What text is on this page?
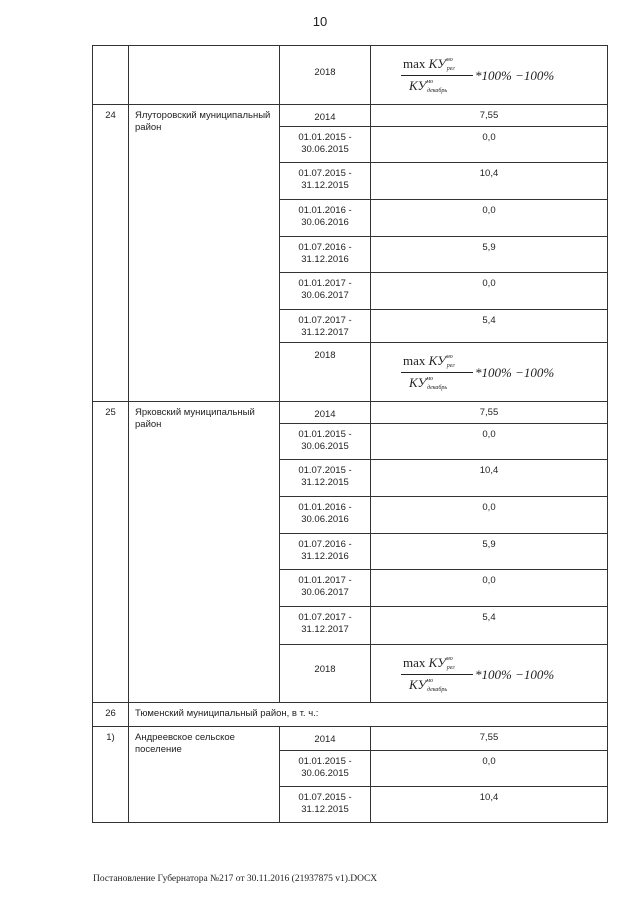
10
		2018	$\max КУ^{мо}рег$
$КУ^{мо}декабрь$
*100% −100%

24	Ялуторовский муниципальный район	2014	7,55
		01.01.2015 - 30.06.2015	0,0
		01.07.2015 - 31.12.2015	10,4
		01.01.2016 - 30.06.2016	0,0
		01.07.2016 - 31.12.2016	5,9
		01.01.2017 - 30.06.2017	0,0
		01.07.2017 - 31.12.2017	5,4
		2018	$\max КУ^{мо}рег$
$КУ^{мо}декабрь$
*100% −100%

25	Ярковский муниципальный район	2014	7,55
		01.01.2015 - 30.06.2015	0,0
		01.07.2015 - 31.12.2015	10,4
		01.01.2016 - 30.06.2016	0,0
		01.07.2016 - 31.12.2016	5,9
		01.01.2017 - 30.06.2017	0,0
		01.07.2017 - 31.12.2017	5,4
		2018	$\max КУ^{мо}рег$
$КУ^{мо}декабрь$
*100% −100%

26	Тюменский муниципальный район, в т. ч.:		
1)	Андреевское сельское поселение	2014	7,55
		01.01.2015 - 30.06.2015	0,0
		01.07.2015 - 31.12.2015	10,4
Постановление Губернатора №217 от 30.11.2016 (21937875 v1).DOCX
